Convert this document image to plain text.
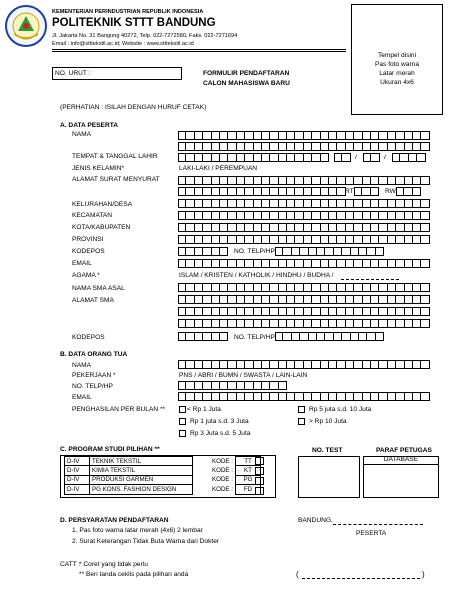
KEMENTERIAN PERINDUSTRIAN REPUBLIK INDONESIA
POLITEKNIK STTT BANDUNG
Jl. Jakarta No. 31 Bangung 40272, Telp. 022-7272580, Faks. 022-7271694
Email : info@stttekstil.ac.id; Website : www.stttekstil.ac.id
Tempel disini
Pas foto warna
Latar merah
Ukuran 4x6
NO. URUT :	FORMULIR PENDAFTARAN
CALON MAHASISWA BARU
(PERHATIAN : ISILAH DENGAN HURUF CETAK)
A. DATA PESERTA
NAMA
TEMPAT & TANGGAL LAHIR	/	/
JENIS KELAMIN*	LAKI-LAKI / PEREMPUAN
ALAMAT SURAT MENYURAT
RT	RW
KELURAHAN/DESA
KECAMATAN
KOTA/KABUPATEN
PROVINSI
KODEPOS	NO. TELP/HP
EMAIL
AGAMA *	ISLAM / KRISTEN / KATHOLIK / HINDHU / BUDHA /
NAMA SMA ASAL
ALAMAT SMA
KODEPOS	NO. TELP/HP
B. DATA ORANG TUA
NAMA
PEKERJAAN *	PNS / ABRI / BUMN / SWASTA / LAIN-LAIN
NO. TELP/HP
EMAIL
PENGHASILAN PER BULAN **	< Rp 1 Juta
Rp 1 juta s.d. 3 Juta
Rp 3 Juta s.d. 5 Juta
Rp 5 juta s.d. 10 Juta
> Rp 10 Juta
C. PROGRAM STUDI PILIHAN **
D-IV	TEKNIK TEKSTIL	KODE :	TT
D-IV	KIMIA TEKSTIL	KODE :	KT
D-IV	PRODUKSI GARMEN	KODE :	PG
D-IV	PG KONS. FASHION DESIGN	KODE :	FD
NO. TEST	PARAF PETUGAS
DATABASE
D. PERSYARATAN PENDAFTARAN
1. Pas foto warna latar merah (4x6) 2 lembar
2. Surat Keterangan Tidak Buta Warna dari Dokter
BANDUNG,
PESERTA
CATT :
* Coret yang tidak perlu
** Beri tanda ceklis pada pilihan anda	(	)
